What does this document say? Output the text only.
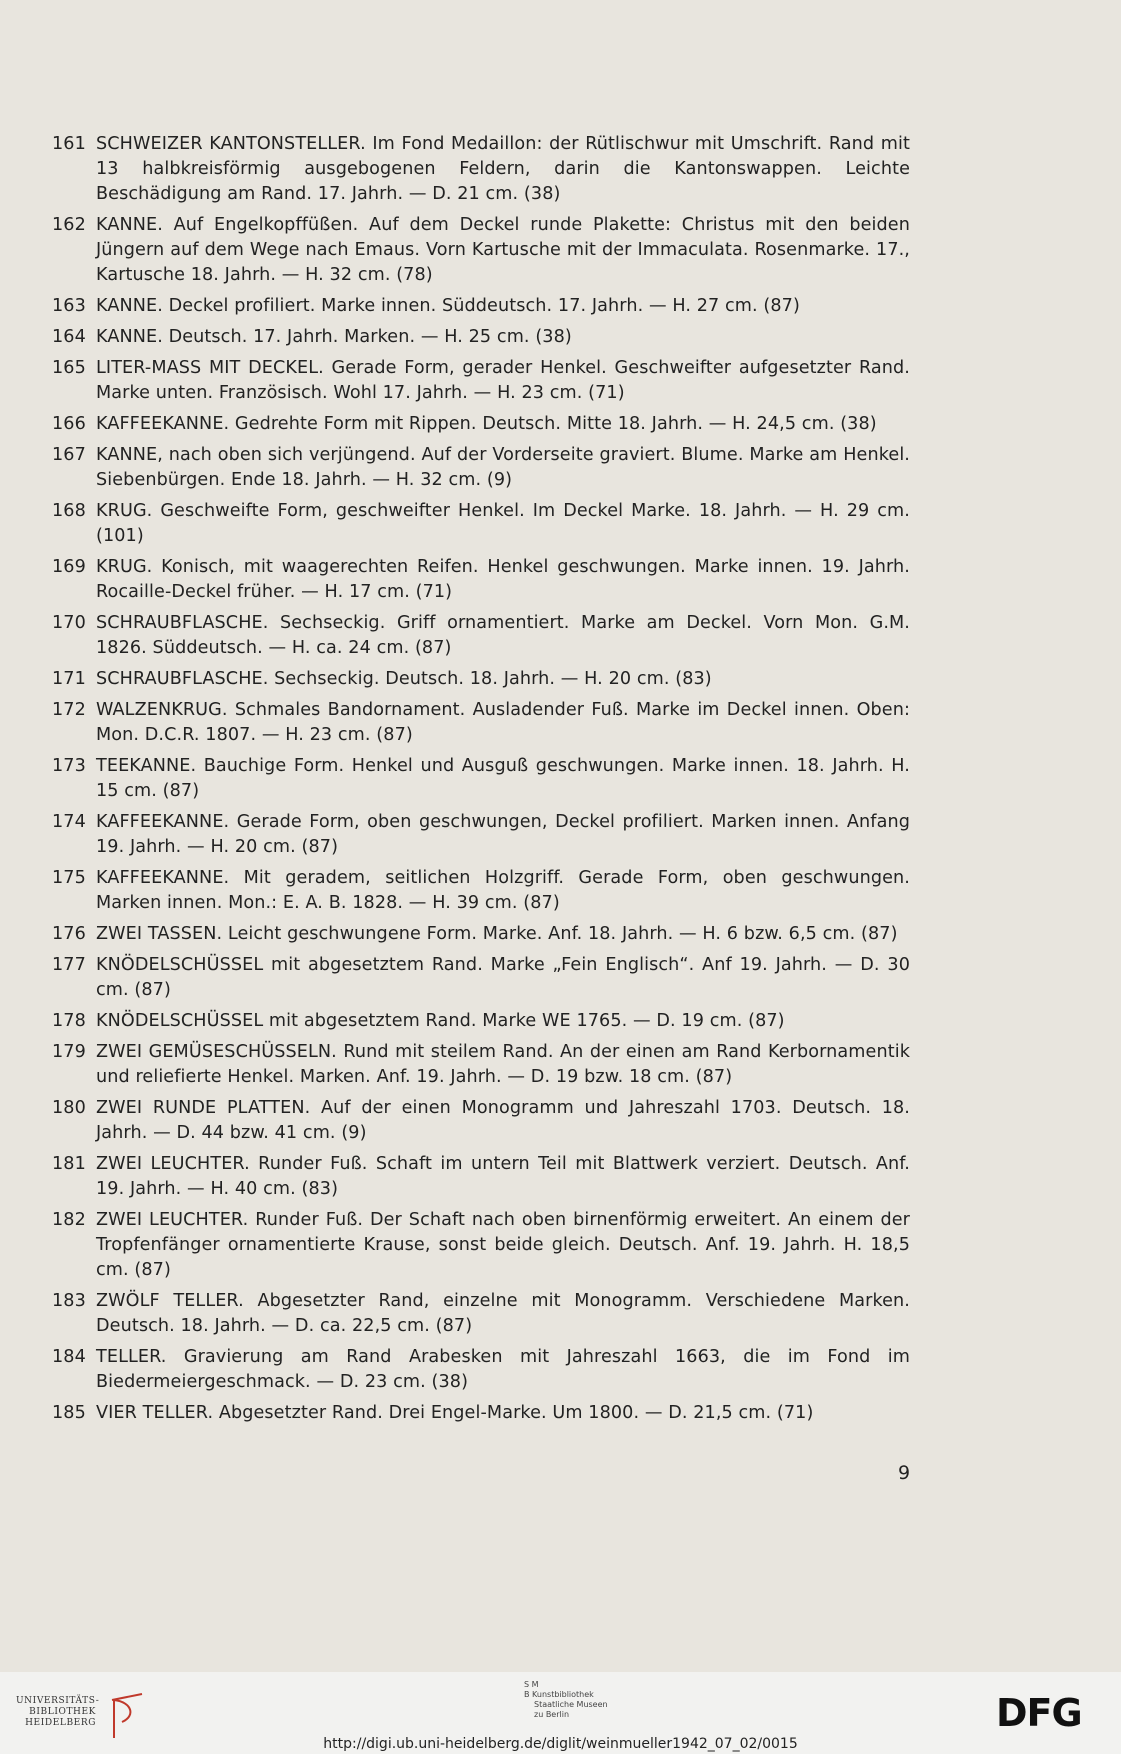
161 SCHWEIZER KANTONSTELLER. Im Fond Medaillon: der Rütlischwur mit Umschrift. Rand mit 13 halbkreisförmig ausgebogenen Feldern, darin die Kantonswappen. Leichte Beschädigung am Rand. 17. Jahrh. — D. 21 cm. (38)
162 KANNE. Auf Engelkopffüßen. Auf dem Deckel runde Plakette: Christus mit den beiden Jüngern auf dem Wege nach Emaus. Vorn Kartusche mit der Immaculata. Rosenmarke. 17., Kartusche 18. Jahrh. — H. 32 cm. (78)
163 KANNE. Deckel profiliert. Marke innen. Süddeutsch. 17. Jahrh. — H. 27 cm. (87)
164 KANNE. Deutsch. 17. Jahrh. Marken. — H. 25 cm. (38)
165 LITER-MASS MIT DECKEL. Gerade Form, gerader Henkel. Geschweifter aufgesetzter Rand. Marke unten. Französisch. Wohl 17. Jahrh. — H. 23 cm. (71)
166 KAFFEEKANNE. Gedrehte Form mit Rippen. Deutsch. Mitte 18. Jahrh. — H. 24,5 cm. (38)
167 KANNE, nach oben sich verjüngend. Auf der Vorderseite graviert. Blume. Marke am Henkel. Siebenbürgen. Ende 18. Jahrh. — H. 32 cm. (9)
168 KRUG. Geschweifte Form, geschweifter Henkel. Im Deckel Marke. 18. Jahrh. — H. 29 cm. (101)
169 KRUG. Konisch, mit waagerechten Reifen. Henkel geschwungen. Marke innen. 19. Jahrh. Rocaille-Deckel früher. — H. 17 cm. (71)
170 SCHRAUBFLASCHE. Sechseckig. Griff ornamentiert. Marke am Deckel. Vorn Mon. G.M. 1826. Süddeutsch. — H. ca. 24 cm. (87)
171 SCHRAUBFLASCHE. Sechseckig. Deutsch. 18. Jahrh. — H. 20 cm. (83)
172 WALZENKRUG. Schmales Bandornament. Ausladender Fuß. Marke im Deckel innen. Oben: Mon. D.C.R. 1807. — H. 23 cm. (87)
173 TEEKANNE. Bauchige Form. Henkel und Ausguß geschwungen. Marke innen. 18. Jahrh. H. 15 cm. (87)
174 KAFFEEKANNE. Gerade Form, oben geschwungen, Deckel profiliert. Marken innen. Anfang 19. Jahrh. — H. 20 cm. (87)
175 KAFFEEKANNE. Mit geradem, seitlichen Holzgriff. Gerade Form, oben geschwungen. Marken innen. Mon.: E. A. B. 1828. — H. 39 cm. (87)
176 ZWEI TASSEN. Leicht geschwungene Form. Marke. Anf. 18. Jahrh. — H. 6 bzw. 6,5 cm. (87)
177 KNÖDELSCHÜSSEL mit abgesetztem Rand. Marke „Fein Englisch“. Anf 19. Jahrh. — D. 30 cm. (87)
178 KNÖDELSCHÜSSEL mit abgesetztem Rand. Marke WE 1765. — D. 19 cm. (87)
179 ZWEI GEMÜSESCHÜSSELN. Rund mit steilem Rand. An der einen am Rand Kerbornamentik und reliefierte Henkel. Marken. Anf. 19. Jahrh. — D. 19 bzw. 18 cm. (87)
180 ZWEI RUNDE PLATTEN. Auf der einen Monogramm und Jahreszahl 1703. Deutsch. 18. Jahrh. — D. 44 bzw. 41 cm. (9)
181 ZWEI LEUCHTER. Runder Fuß. Schaft im untern Teil mit Blattwerk verziert. Deutsch. Anf. 19. Jahrh. — H. 40 cm. (83)
182 ZWEI LEUCHTER. Runder Fuß. Der Schaft nach oben birnenförmig erweitert. An einem der Tropfenfänger ornamentierte Krause, sonst beide gleich. Deutsch. Anf. 19. Jahrh. H. 18,5 cm. (87)
183 ZWÖLF TELLER. Abgesetzter Rand, einzelne mit Monogramm. Verschiedene Marken. Deutsch. 18. Jahrh. — D. ca. 22,5 cm. (87)
184 TELLER. Gravierung am Rand Arabesken mit Jahreszahl 1663, die im Fond im Biedermeiergeschmack. — D. 23 cm. (38)
185 VIER TELLER. Abgesetzter Rand. Drei Engel-Marke. Um 1800. — D. 21,5 cm. (71)
9
UNIVERSITÄTS-
BIBLIOTHEK
HEIDELBERG
S M
B Kunstbibliothek
Staatliche Museen
zu Berlin	DFG
http://digi.ub.uni-heidelberg.de/diglit/weinmueller1942_07_02/0015
